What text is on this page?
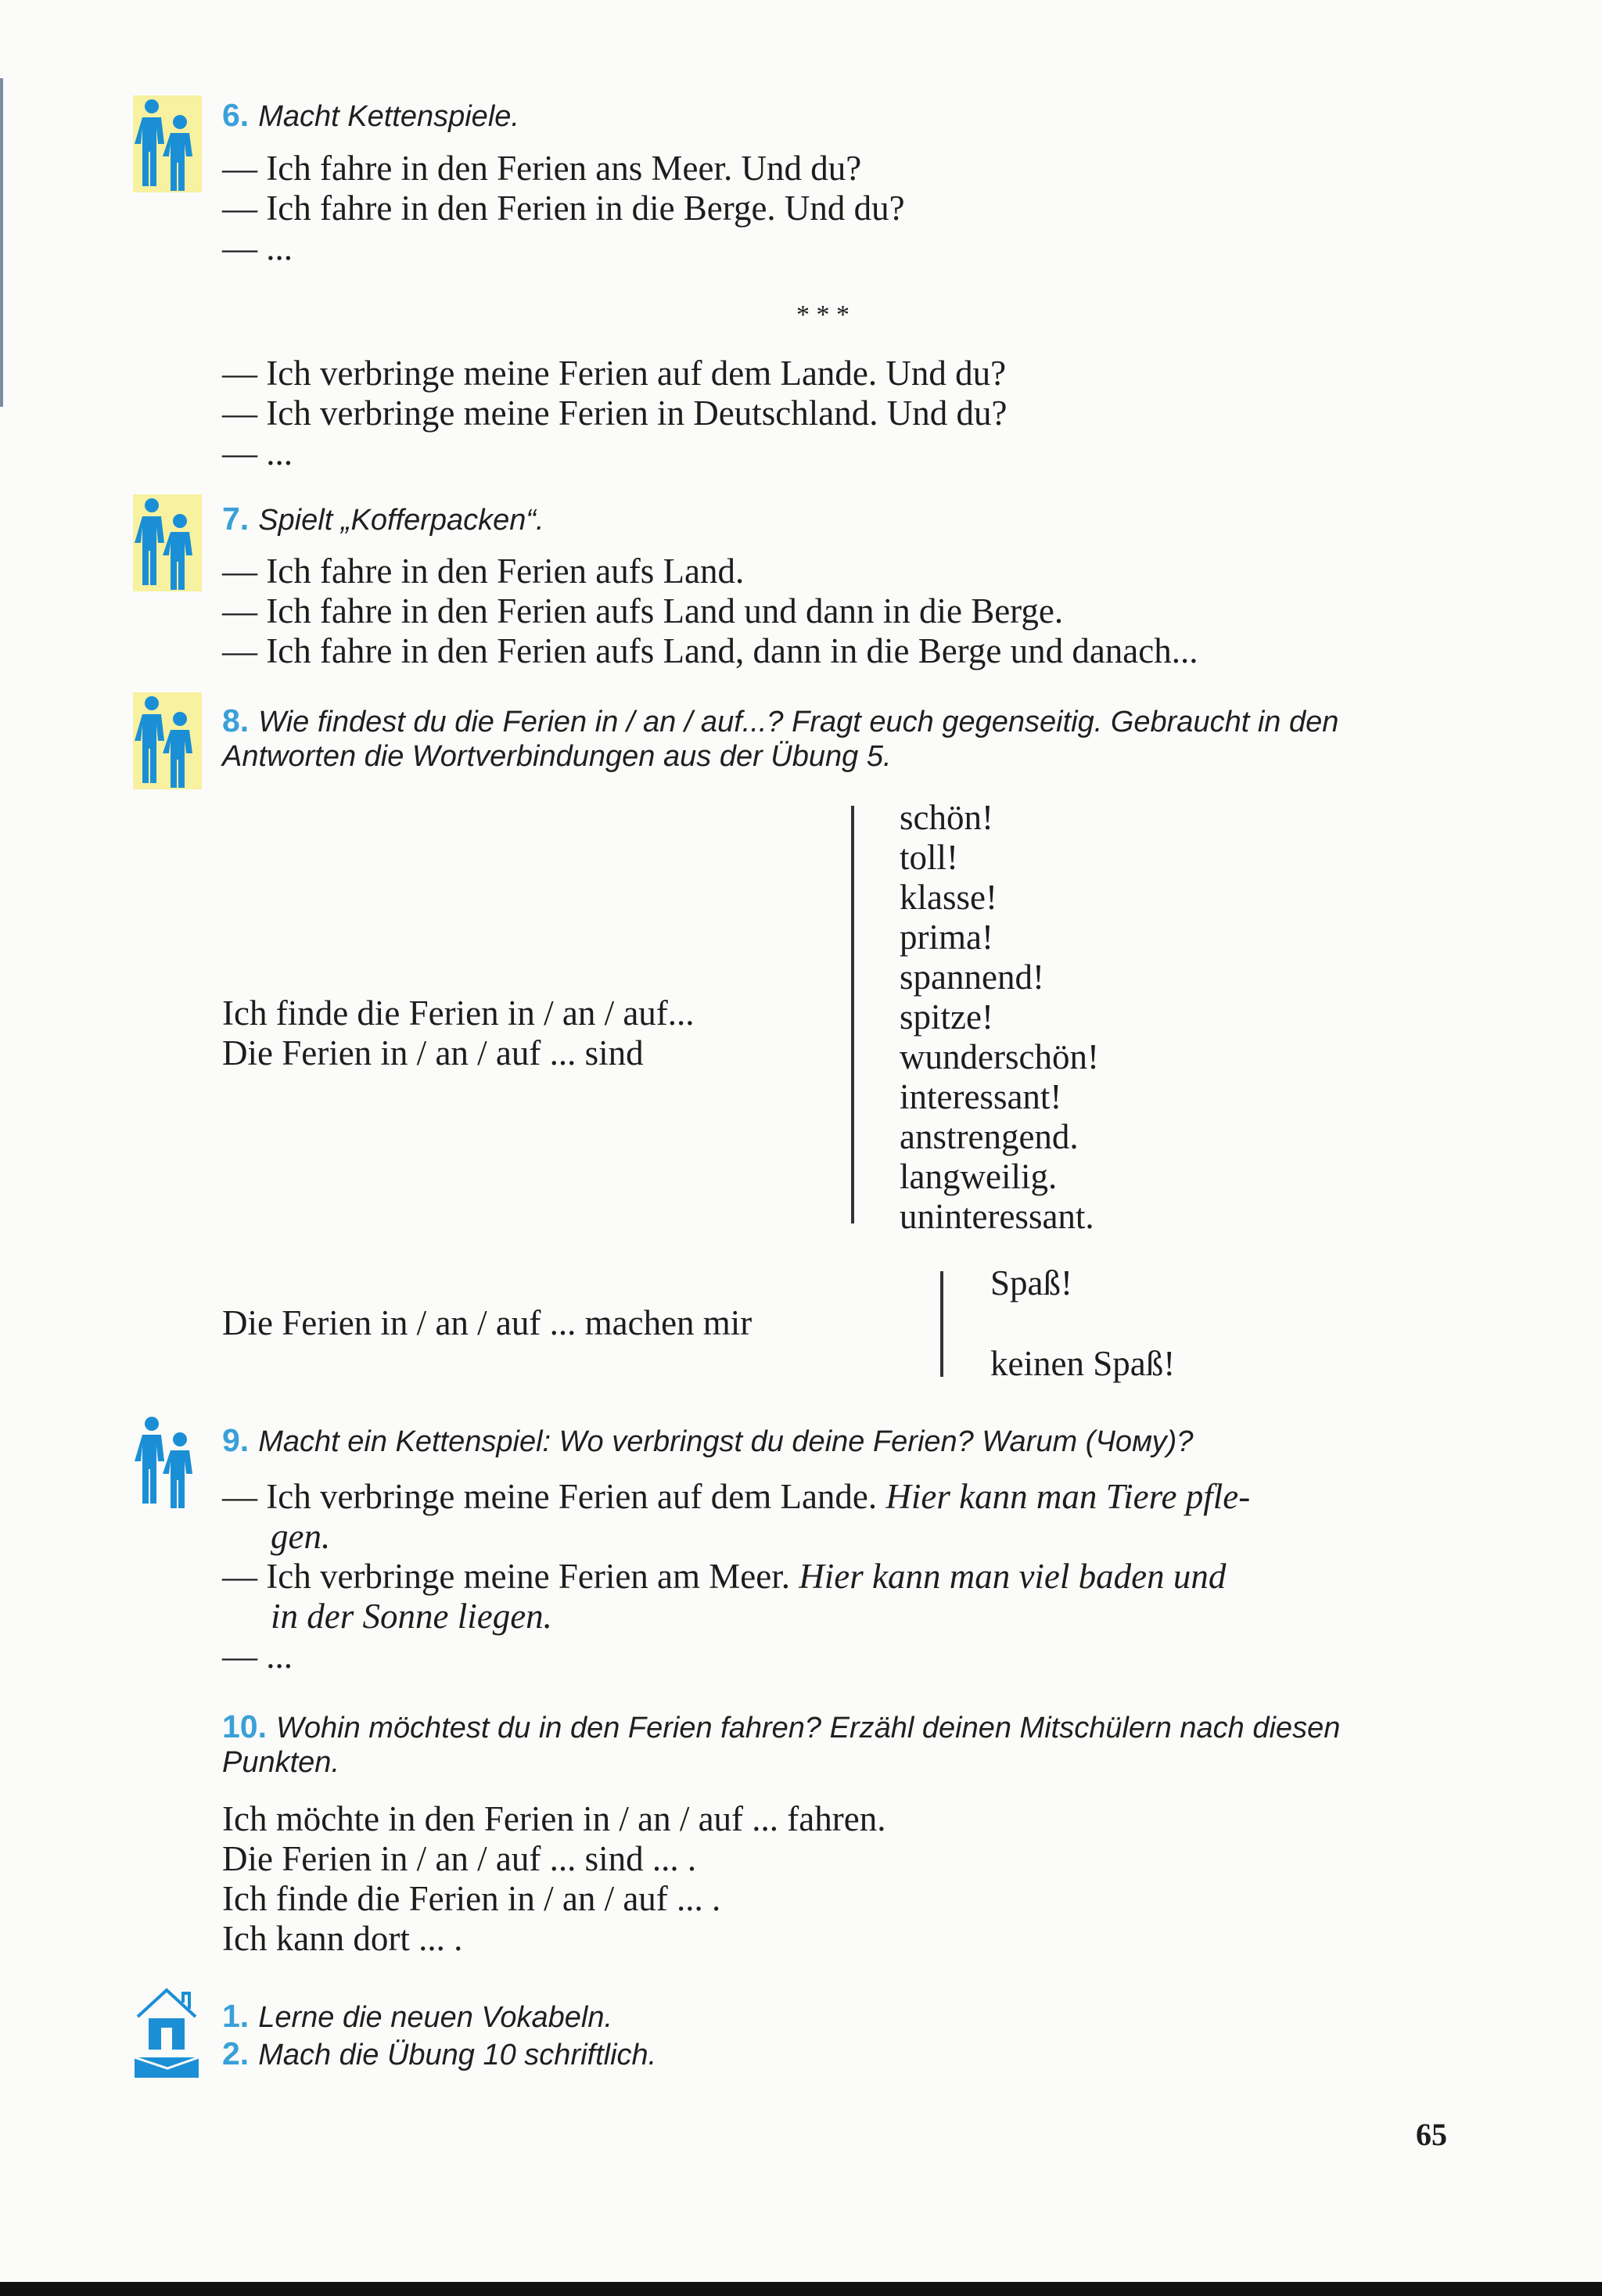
6. Macht Kettenspiele.
— Ich fahre in den Ferien ans Meer. Und du?
— Ich fahre in den Ferien in die Berge. Und du?
— ...
* * *
— Ich verbringe meine Ferien auf dem Lande. Und du?
— Ich verbringe meine Ferien in Deutschland. Und du?
— ...
7. Spielt „Kofferpacken“.
— Ich fahre in den Ferien aufs Land.
— Ich fahre in den Ferien aufs Land und dann in die Berge.
— Ich fahre in den Ferien aufs Land, dann in die Berge und danach...
8. Wie findest du die Ferien in / an / auf...? Fragt euch gegenseitig. Gebraucht in den
Antworten die Wortverbindungen aus der Übung 5.
Ich finde die Ferien in / an / auf...
Die Ferien in / an / auf ... sind
schön!
toll!
klasse!
prima!
spannend!
spitze!
wunderschön!
interessant!
anstrengend.
langweilig.
uninteressant.
Die Ferien in / an / auf ... machen mir
Spaß!
keinen Spaß!
9. Macht ein Kettenspiel: Wo verbringst du deine Ferien? Warum (Чому)?
— Ich verbringe meine Ferien auf dem Lande. Hier kann man Tiere pfle-
gen.
— Ich verbringe meine Ferien am Meer. Hier kann man viel baden und
in der Sonne liegen.
— ...
10. Wohin möchtest du in den Ferien fahren? Erzähl deinen Mitschülern nach diesen
Punkten.
Ich möchte in den Ferien in / an / auf ... fahren.
Die Ferien in / an / auf ... sind ... .
Ich finde die Ferien in / an / auf ... .
Ich kann dort ... .
1. Lerne die neuen Vokabeln.
2. Mach die Übung 10 schriftlich.
65
